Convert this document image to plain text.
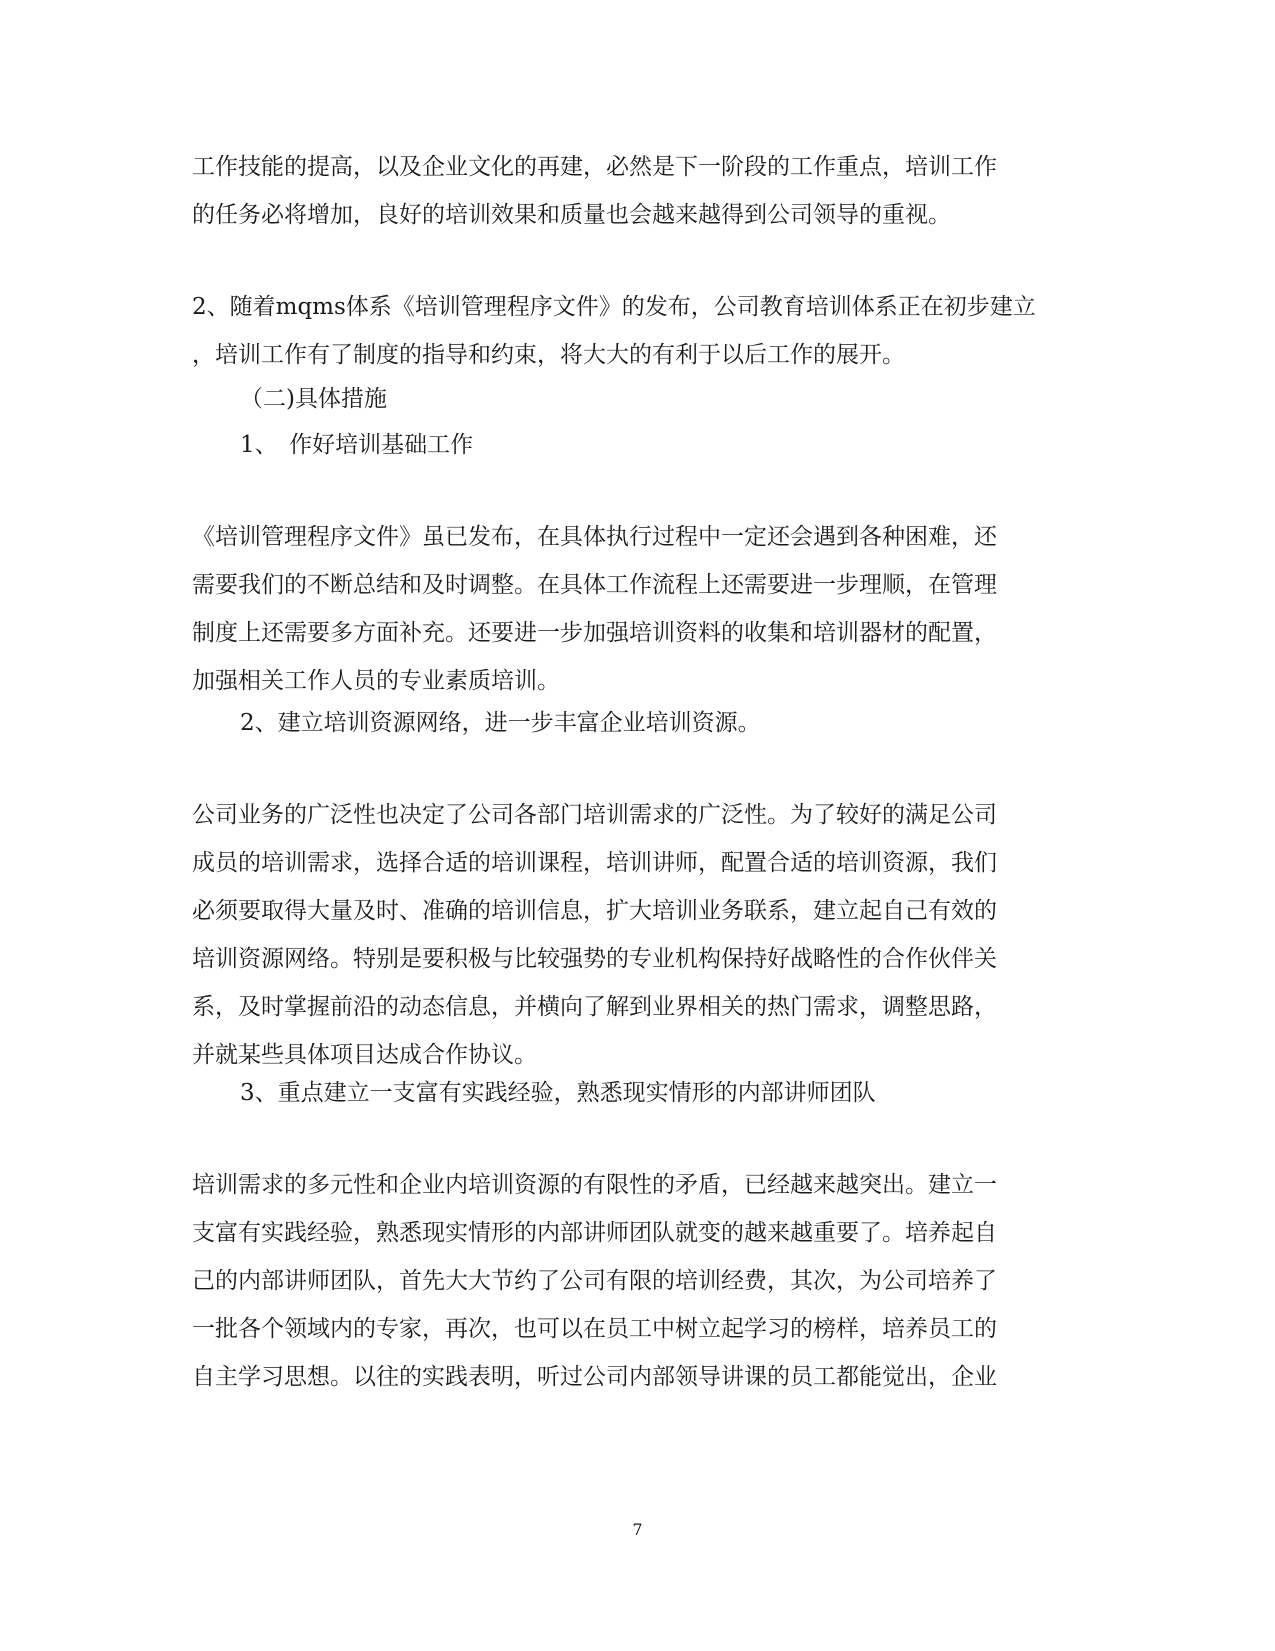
工作技能的提高，以及企业文化的再建，必然是下一阶段的工作重点，培训工作
的任务必将增加，良好的培训效果和质量也会越来越得到公司领导的重视。
2、随着mqms体系《培训管理程序文件》的发布，公司教育培训体系正在初步建立
，培训工作有了制度的指导和约束，将大大的有利于以后工作的展开。
（二)具体措施
1、　作好培训基础工作
《培训管理程序文件》虽已发布，在具体执行过程中一定还会遇到各种困难，还
需要我们的不断总结和及时调整。在具体工作流程上还需要进一步理顺，在管理
制度上还需要多方面补充。还要进一步加强培训资料的收集和培训器材的配置，
加强相关工作人员的专业素质培训。
2、建立培训资源网络，进一步丰富企业培训资源。
公司业务的广泛性也决定了公司各部门培训需求的广泛性。为了较好的满足公司
成员的培训需求，选择合适的培训课程，培训讲师，配置合适的培训资源，我们
必须要取得大量及时、准确的培训信息，扩大培训业务联系，建立起自己有效的
培训资源网络。特别是要积极与比较强势的专业机构保持好战略性的合作伙伴关
系，及时掌握前沿的动态信息，并横向了解到业界相关的热门需求，调整思路，
并就某些具体项目达成合作协议。
3、重点建立一支富有实践经验，熟悉现实情形的内部讲师团队
培训需求的多元性和企业内培训资源的有限性的矛盾，已经越来越突出。建立一
支富有实践经验，熟悉现实情形的内部讲师团队就变的越来越重要了。培养起自
己的内部讲师团队，首先大大节约了公司有限的培训经费，其次，为公司培养了
一批各个领域内的专家，再次，也可以在员工中树立起学习的榜样，培养员工的
自主学习思想。以往的实践表明，听过公司内部领导讲课的员工都能觉出，企业
7
